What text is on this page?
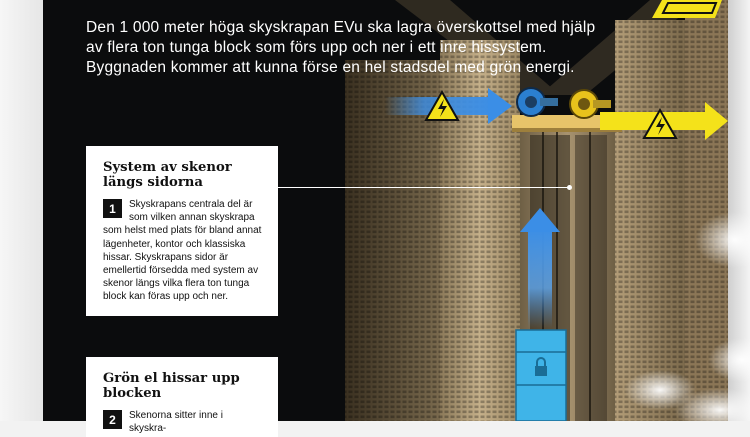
Den 1 000 meter höga skyskrapan EVu ska lagra överskottsel med hjälp av flera ton tunga block som förs upp och ner i ett inre hissystem. Byggnaden kommer att kunna förse en hel stadsdel med grön energi.

System av skenor längs sidorna
1	Skyskrapans centrala del är som vilken annan skyskrapa som helst med plats för bland annat lägenheter, kontor och klassiska hissar. Skyskrapans sidor är emellertid försedda med system av skenor längs vilka flera ton tunga block kan föras upp och ner.

Grön el hissar upp blocken
2	Skenorna sitter inne i skyskra-
